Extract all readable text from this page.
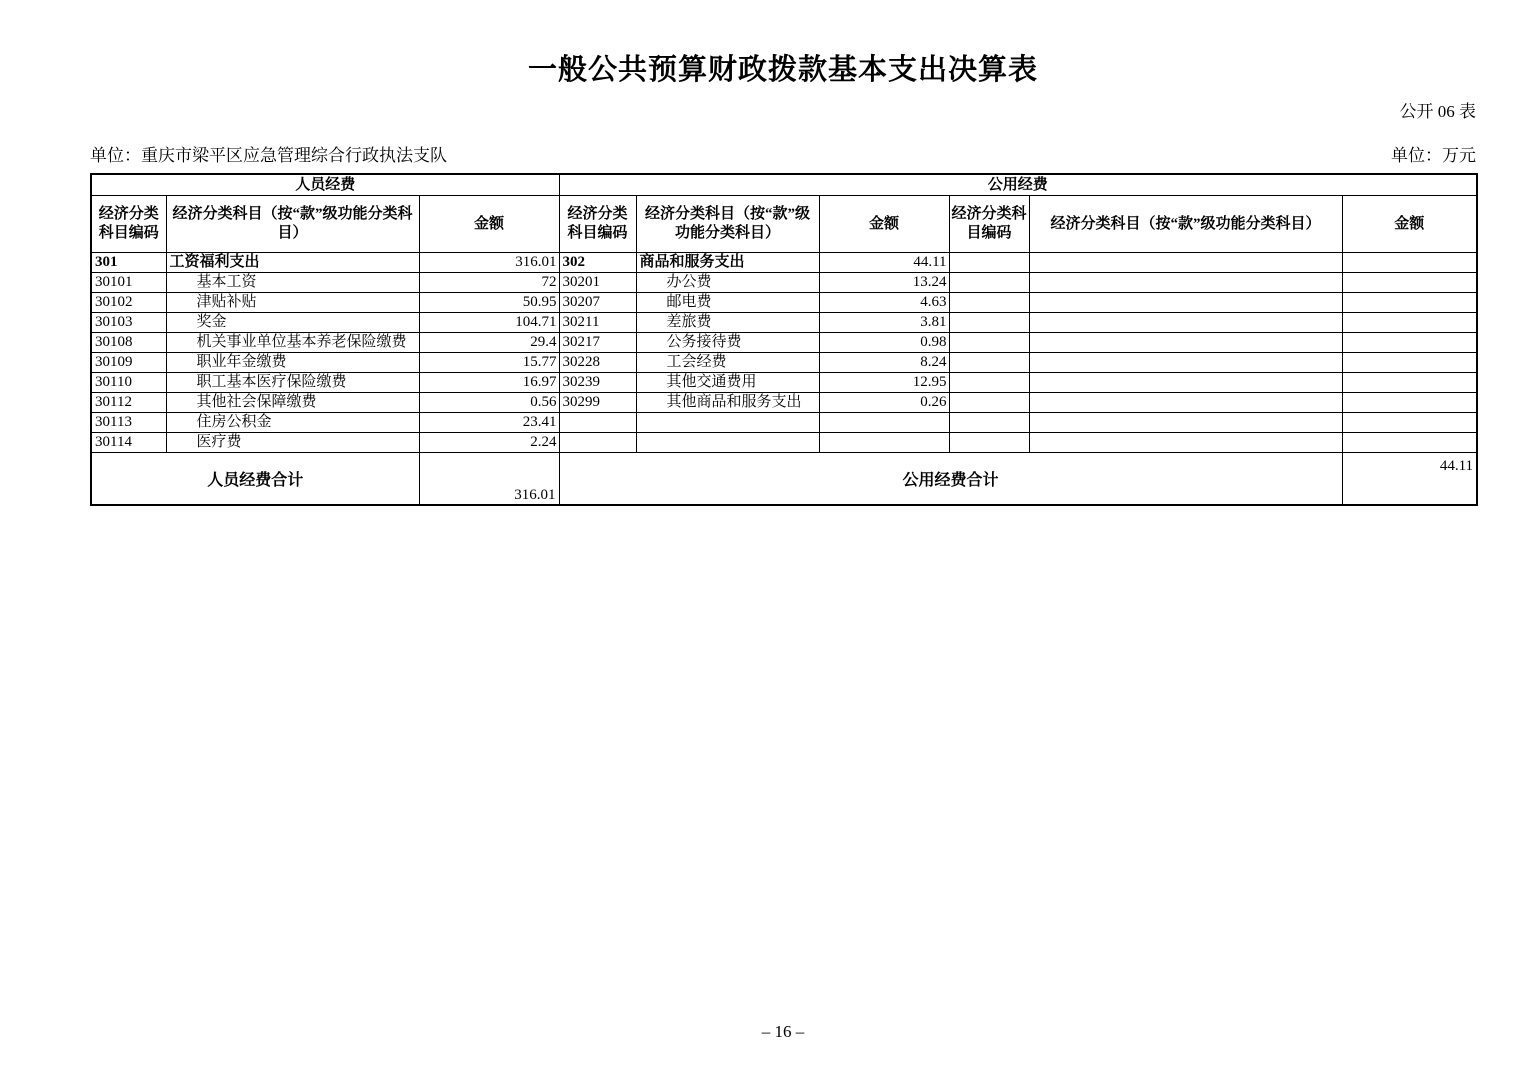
一般公共预算财政拨款基本支出决算表
公开 06 表
单位：重庆市梁平区应急管理综合行政执法支队	单位：万元
人员经费			公用经费					
经济分类科目编码	经济分类科目（按“款”级功能分类科目）	金额	经济分类科目编码	经济分类科目（按“款”级功能分类科目）	金额	经济分类科目编码	经济分类科目（按“款”级功能分类科目）	金额
301	工资福利支出	316.01	302	商品和服务支出	44.11			
30101	基本工资	72	30201	办公费	13.24			
30102	津贴补贴	50.95	30207	邮电费	4.63			
30103	奖金	104.71	30211	差旅费	3.81			
30108	机关事业单位基本养老保险缴费	29.4	30217	公务接待费	0.98			
30109	职业年金缴费	15.77	30228	工会经费	8.24			
30110	职工基本医疗保险缴费	16.97	30239	其他交通费用	12.95			
30112	其他社会保障缴费	0.56	30299	其他商品和服务支出	0.26			
30113	住房公积金	23.41						
30114	医疗费	2.24						
人员经费合计		316.01	公用经费合计					44.11
– 16 –
